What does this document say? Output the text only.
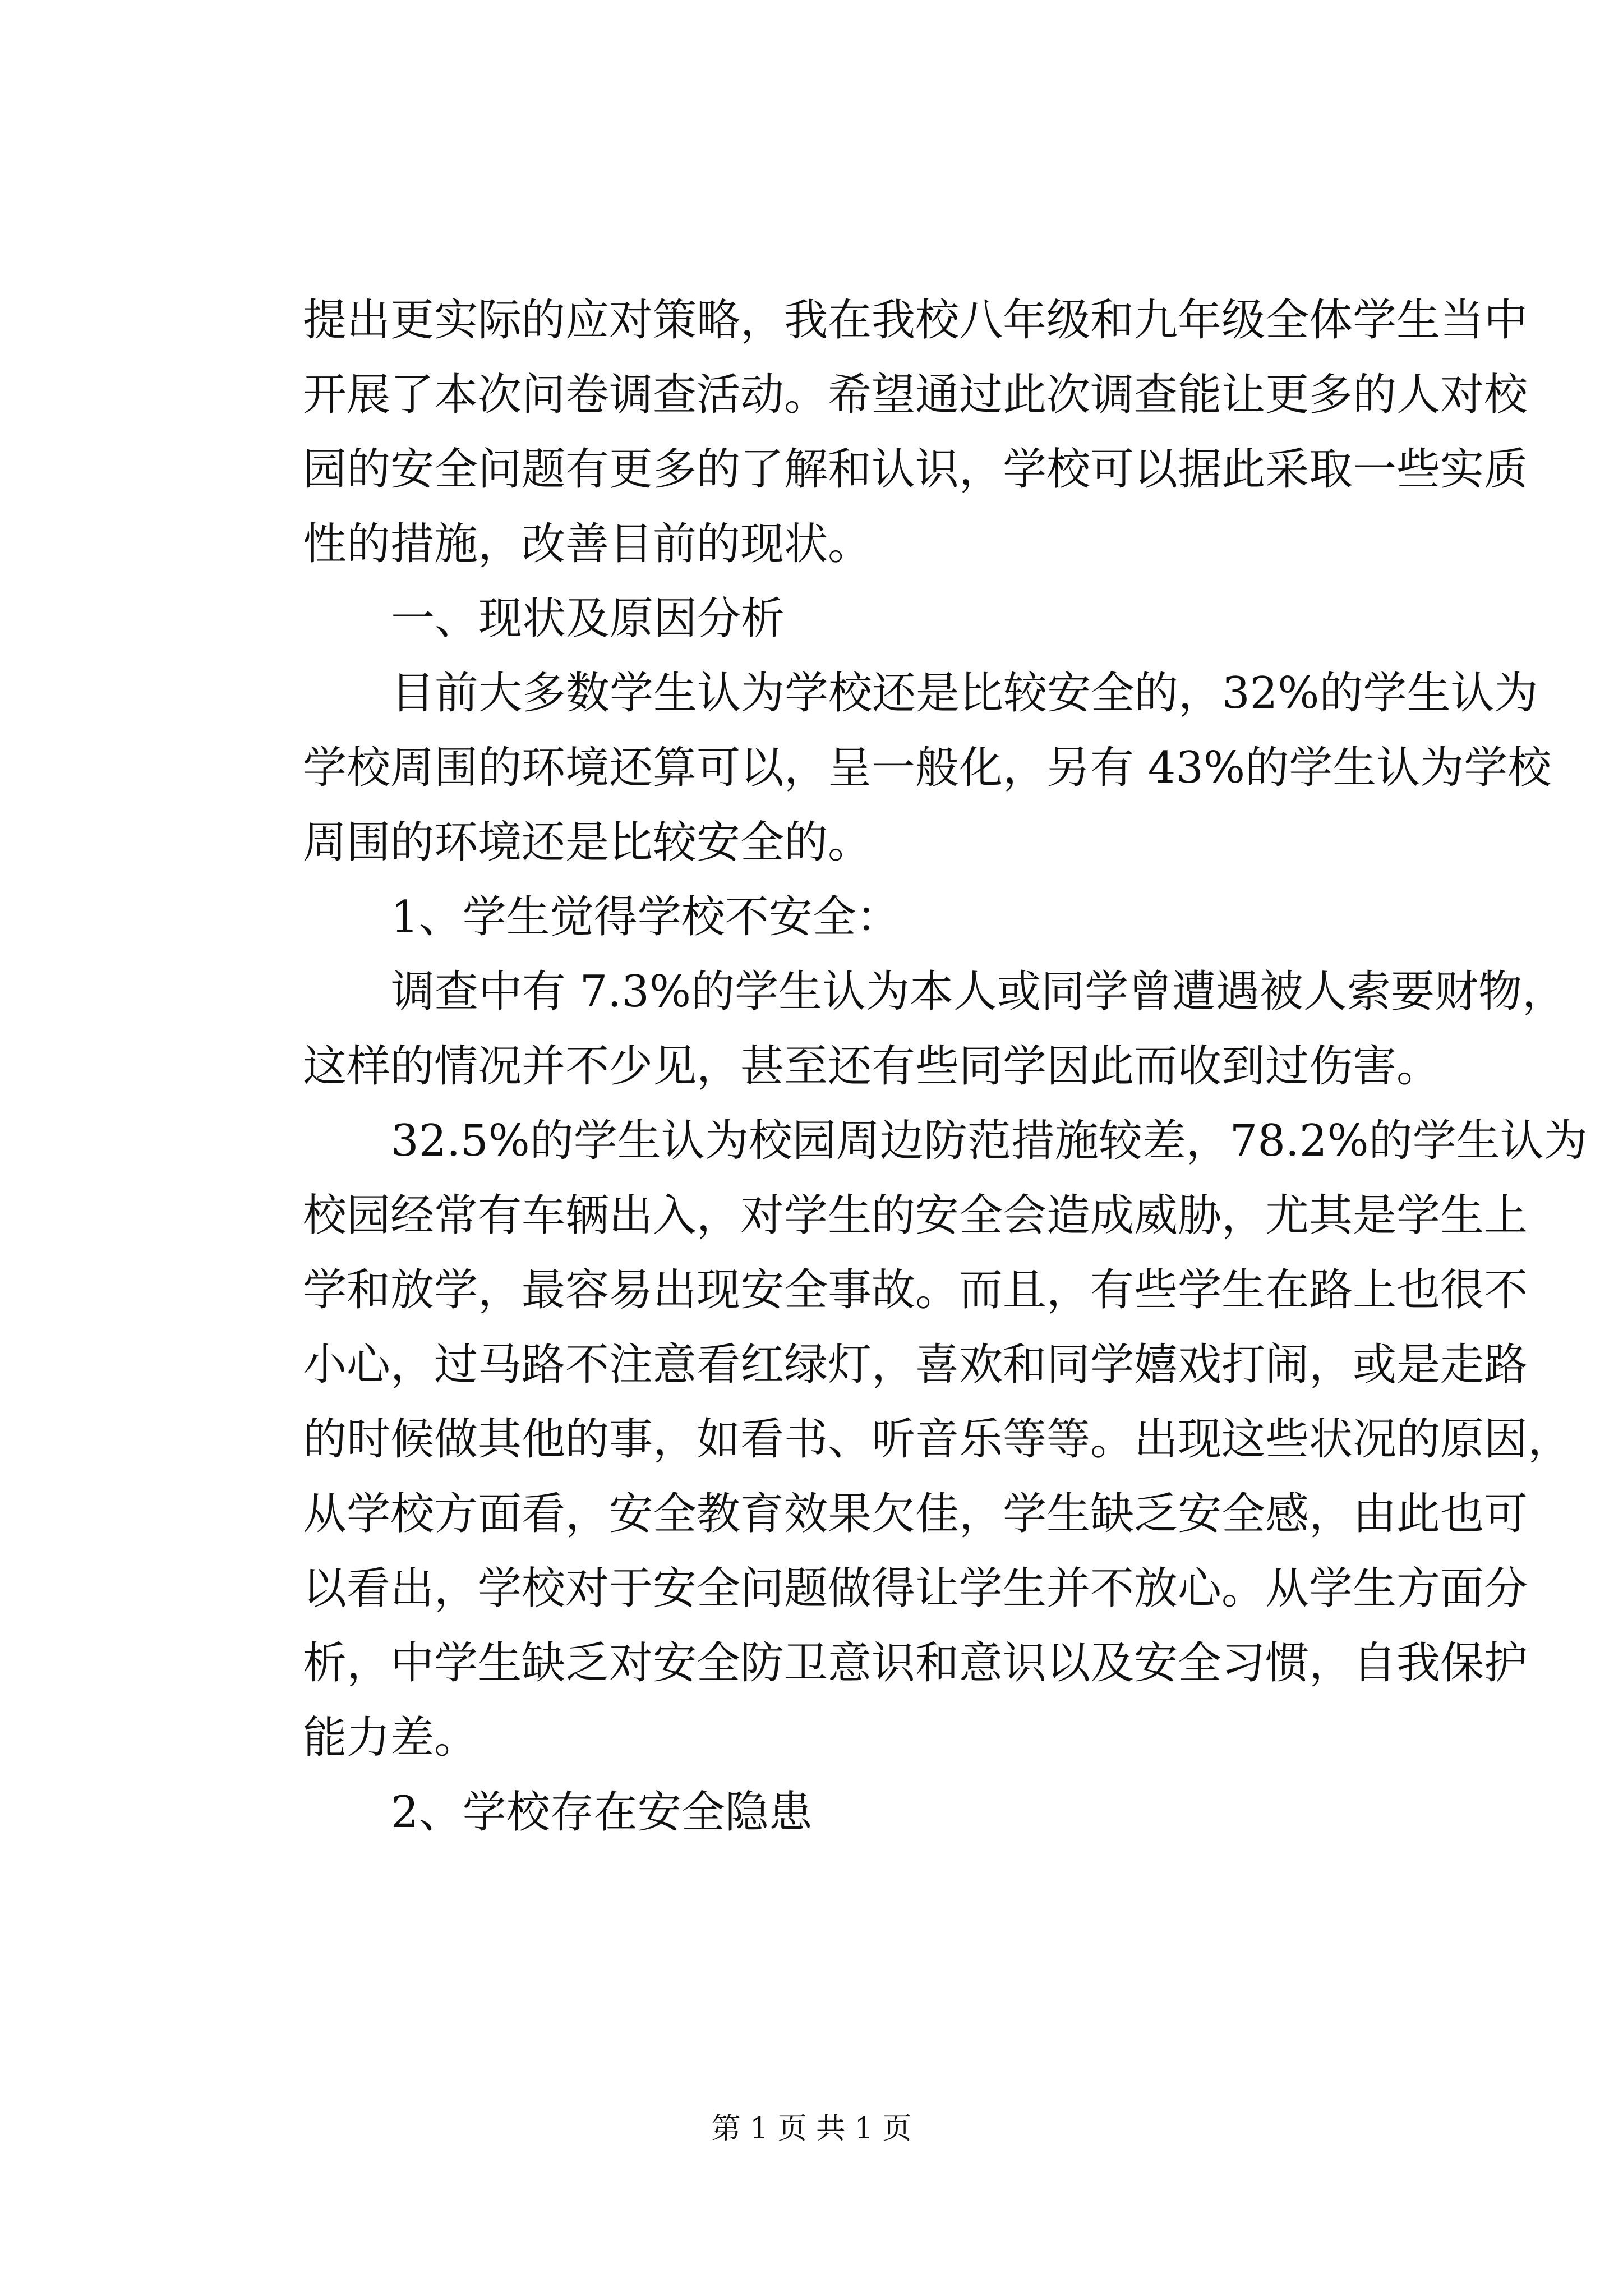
提出更实际的应对策略，我在我校八年级和九年级全体学生当中
开展了本次问卷调查活动。希望通过此次调查能让更多的人对校
园的安全问题有更多的了解和认识，学校可以据此采取一些实质
性的措施，改善目前的现状。
一、现状及原因分析
目前大多数学生认为学校还是比较安全的，32%的学生认为
学校周围的环境还算可以，呈一般化，另有 43%的学生认为学校
周围的环境还是比较安全的。
1、学生觉得学校不安全：
调查中有 7.3%的学生认为本人或同学曾遭遇被人索要财物，
这样的情况并不少见，甚至还有些同学因此而收到过伤害。
32.5%的学生认为校园周边防范措施较差，78.2%的学生认为
校园经常有车辆出入，对学生的安全会造成威胁，尤其是学生上
学和放学，最容易出现安全事故。而且，有些学生在路上也很不
小心，过马路不注意看红绿灯，喜欢和同学嬉戏打闹，或是走路
的时候做其他的事，如看书、听音乐等等。出现这些状况的原因，
从学校方面看，安全教育效果欠佳，学生缺乏安全感，由此也可
以看出，学校对于安全问题做得让学生并不放心。从学生方面分
析，中学生缺乏对安全防卫意识和意识以及安全习惯，自我保护
能力差。
2、学校存在安全隐患
第 1 页 共 1 页
